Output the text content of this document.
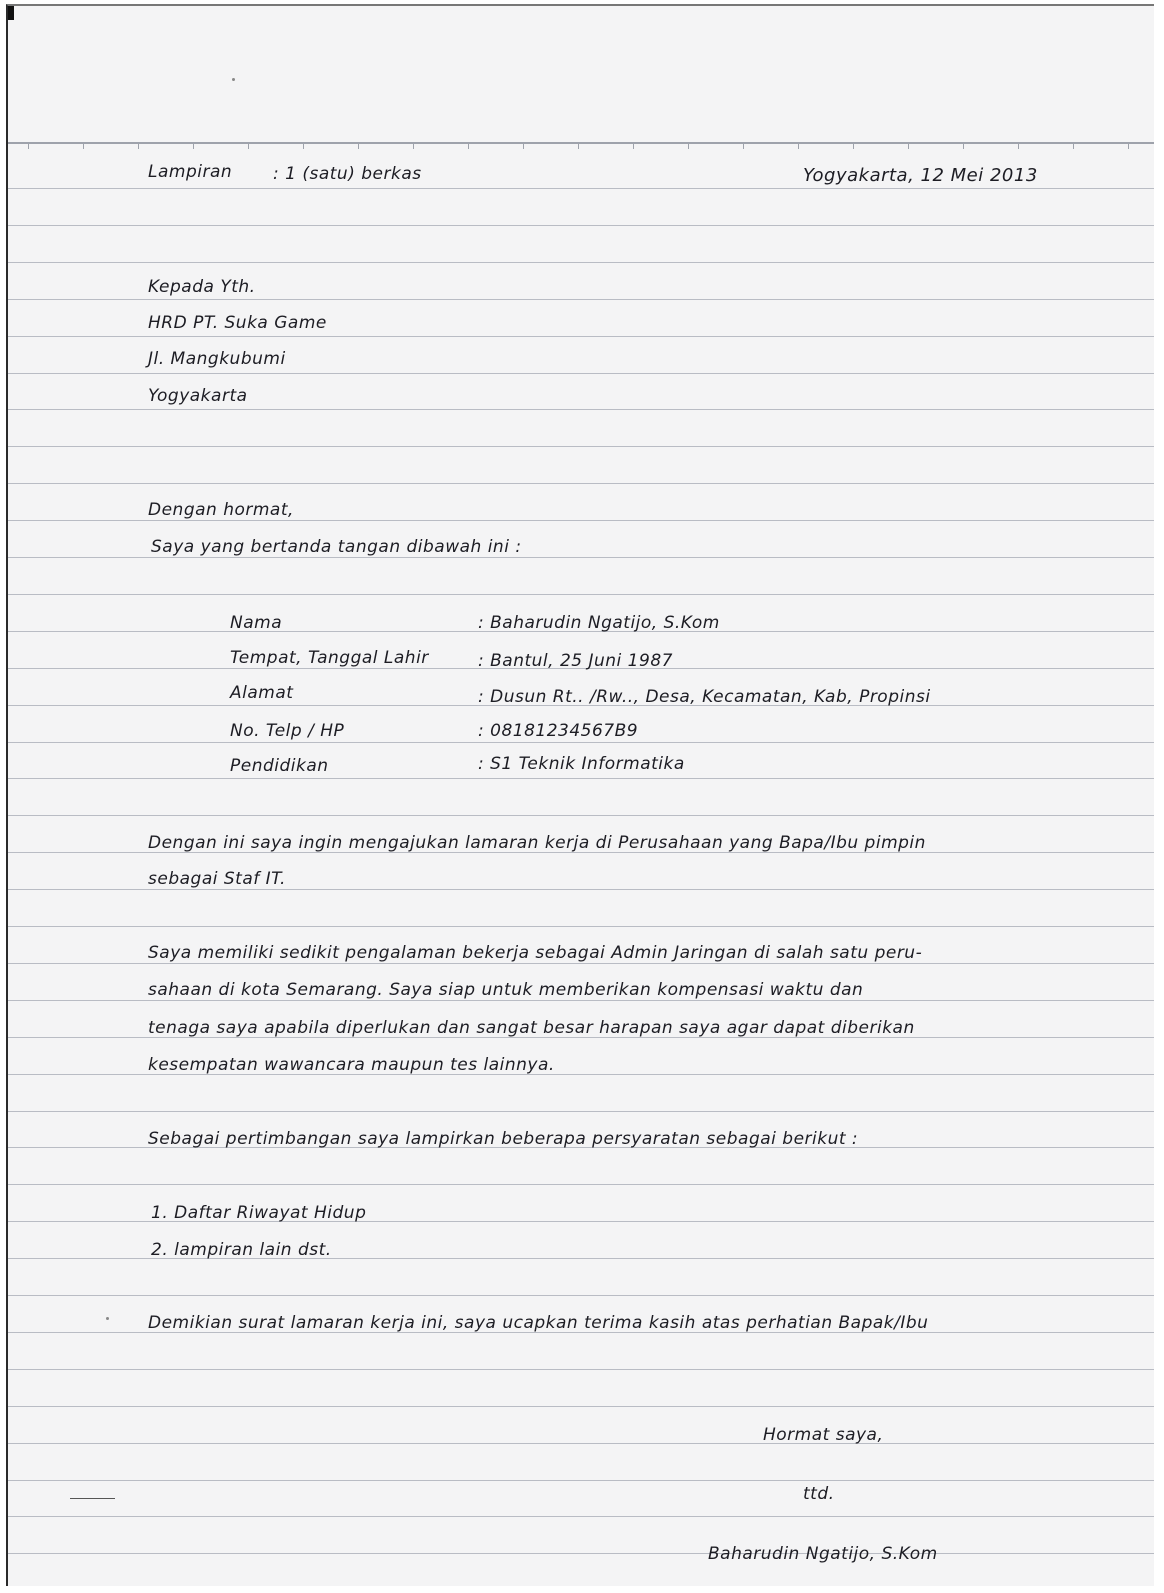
Lampiran : 1 (satu) berkas	Yogyakarta, 12 Mei 2013
Kepada Yth.
HRD PT. Suka Game
Jl. Mangkubumi
Yogyakarta
Dengan hormat,
Saya yang bertanda tangan dibawah ini :
Nama	: Baharudin Ngatijo, S.Kom
Tempat, Tanggal Lahir	: Bantul, 25 Juni 1987
Alamat	: Dusun Rt.. /Rw.., Desa, Kecamatan, Kab, Propinsi
No. Telp / HP	: 08181234567B9
Pendidikan	: S1 Teknik Informatika
Dengan ini saya ingin mengajukan lamaran kerja di Perusahaan yang Bapa/Ibu pimpin
sebagai Staf IT.
Saya memiliki sedikit pengalaman bekerja sebagai Admin Jaringan di salah satu peru-
sahaan di kota Semarang. Saya siap untuk memberikan kompensasi waktu dan
tenaga saya apabila diperlukan dan sangat besar harapan saya agar dapat diberikan
kesempatan wawancara maupun tes lainnya.
Sebagai pertimbangan saya lampirkan beberapa persyaratan sebagai berikut :
1. Daftar Riwayat Hidup
2. lampiran lain dst.
Demikian surat lamaran kerja ini, saya ucapkan terima kasih atas perhatian Bapak/Ibu
Hormat saya,
ttd.
Baharudin Ngatijo, S.Kom
